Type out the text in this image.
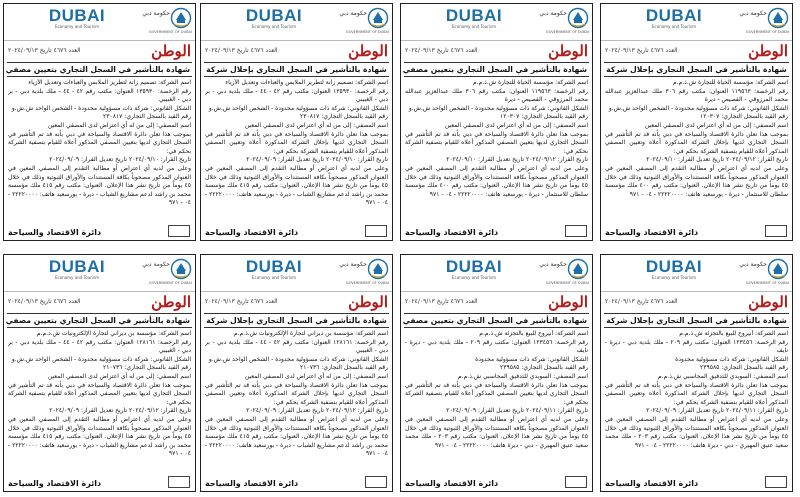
حكومة دبي
GOVERNMENT OF DUBAI
DUBAI
Economy and Tourism
الوطن
العدد ٤٦٧٦ تاريخ ٢٠٢٤/٠٩/١٣
شهادة بالتأشير في السجل التجاري بإحلال شركة

اسم الشركة: مؤسسة الحياة للتجارة ش.ذ.م.م

رقم الرخصة: ١١٩٥٦٣ العنوان: مكتب رقم ٣٠٦ ملك عبدالعزيز عبدالله محمد المرزوقي - القصيص - ديرة

الشكل القانوني: شركة ذات مسؤولية محدودة - الشخص الواحد ش.ش.و

رقم القيد بالسجل التجاري: ١٢٠٣٠٧

اسم المصفي: إلى من له أي اعتراض لدى المصفي المعين

بموجب هذا تعلن دائرة الاقتصاد والسياحة في دبي بأنه قد تم التأشير في السجل التجاري لديها بإحلال الشركة المذكورة أعلاه وتعيين المصفي المذكور أعلاه للقيام بتصفية الشركة بحكم في:

تاريخ القرار: ٢٠٢٤/٠٩/١٢ تاريخ تعديل القرار: ٢٠٢٤/٠٩/١٠

وعلى من لديه أي اعتراض أو مطالبة التقدم إلى المصفي المعين في العنوان المذكور مصحوباً بكافة المستندات والأوراق الثبوتية وذلك في خلال ٤٥ يوماً من تاريخ نشر هذا الإعلان. العنوان: مكتب رقم ٤٠٠ ملك مؤسسة سلطان للاستثمار - ديرة - بورسعيد هاتف: ٢٢٢٢٠٠٠٠ - ٠٤ - ٩٧١

دائرة الاقتصاد والسياحة
حكومة دبي
GOVERNMENT OF DUBAI
DUBAI
Economy and Tourism
الوطن
العدد ٤٦٧٦ تاريخ ٢٠٢٤/٠٩/١٣
شهادة بالتأشير في السجل التجاري بتعيين مصفي

اسم الشركة: مؤسسة الحياة للتجارة ش.ذ.م.م

رقم الرخصة: ١١٩٥٦٣ العنوان: مكتب رقم ٣٠٦ ملك عبدالعزيز عبدالله محمد المرزوقي - القصيص - ديرة

الشكل القانوني: شركة ذات مسؤولية محدودة - الشخص الواحد ش.ش.و

رقم القيد بالسجل التجاري: ١٢٠٣٠٧

اسم المصفي: إلى من له أي اعتراض لدى المصفي المعين

بموجب هذا تعلن دائرة الاقتصاد والسياحة في دبي بأنه قد تم التأشير في السجل التجاري لديها بتعيين المصفي المذكور أعلاه للقيام بتصفية الشركة بحكم في:

تاريخ القرار: ٢٠٢٤/٠٩/١٢ تاريخ تعديل القرار: ٢٠٢٤/٠٩/١٠

وعلى من لديه أي اعتراض أو مطالبة التقدم إلى المصفي المعين في العنوان المذكور مصحوباً بكافة المستندات والأوراق الثبوتية وذلك في خلال ٤٥ يوماً من تاريخ نشر هذا الإعلان. العنوان: مكتب رقم ٤٠٠ ملك مؤسسة سلطان للاستثمار - ديرة - بورسعيد هاتف: ٢٢٢٢٠٠٠٠ - ٠٤ - ٩٧١

دائرة الاقتصاد والسياحة
حكومة دبي
GOVERNMENT OF DUBAI
DUBAI
Economy and Tourism
الوطن
العدد ٤٦٧٦ تاريخ ٢٠٢٤/٠٩/١٣
شهادة بالتأشير في السجل التجاري بإحلال شركة

اسم الشركة: تصميم زانة لتطريز الملابس والعباءات وتعديل الأزياء

رقم الرخصة: ١٣٥٩٣٠ العنوان: مكتب رقم ٤٢ - ٤٤ - ملك بلدية دبي - بر دبي - الغبيبي

الشكل القانوني: شركة ذات مسؤولية محدودة - الشخص الواحد ش.ش.و

رقم القيد بالسجل التجاري: ٢٣٠٨١٧

اسم المصفي: إلى من له أي اعتراض لدى المصفي المعين

بموجب هذا تعلن دائرة الاقتصاد والسياحة في دبي بأنه قد تم التأشير في السجل التجاري لديها بإحلال الشركة المذكورة أعلاه وتعيين المصفي المذكور أعلاه للقيام بتصفية الشركة بحكم في:

تاريخ القرار: ٢٠٢٤/٠٩/١٠ تاريخ تعديل القرار: ٢٠٢٤/٠٩/٠٩

وعلى من لديه أي اعتراض أو مطالبة التقدم إلى المصفي المعين في العنوان المذكور مصحوباً بكافة المستندات والأوراق الثبوتية وذلك في خلال ٤٥ يوماً من تاريخ نشر هذا الإعلان. العنوان: مكتب رقم ٤١٥ ملك مؤسسة محمد بن راشد لدعم مشاريع الشباب - ديرة - بورسعيد هاتف: ٢٢٢٢٠٠٠٠ - ٠٤ - ٩٧١

دائرة الاقتصاد والسياحة
حكومة دبي
GOVERNMENT OF DUBAI
DUBAI
Economy and Tourism
الوطن
العدد ٤٦٧٦ تاريخ ٢٠٢٤/٠٩/١٣
شهادة بالتأشير في السجل التجاري بتعيين مصفي

اسم الشركة: تصميم زانة لتطريز الملابس والعباءات وتعديل الأزياء

رقم الرخصة: ١٣٥٩٣٠ العنوان: مكتب رقم ٤٢ - ٤٤ - ملك بلدية دبي - بر دبي - الغبيبي

الشكل القانوني: شركة ذات مسؤولية محدودة - الشخص الواحد ش.ش.و

رقم القيد بالسجل التجاري: ٢٣٠٨١٧

اسم المصفي: إلى من له أي اعتراض لدى المصفي المعين

بموجب هذا تعلن دائرة الاقتصاد والسياحة في دبي بأنه قد تم التأشير في السجل التجاري لديها بتعيين المصفي المذكور أعلاه للقيام بتصفية الشركة بحكم في:

تاريخ القرار: ٢٠٢٤/٠٩/١٠ تاريخ تعديل القرار: ٢٠٢٤/٠٩/٠٩

وعلى من لديه أي اعتراض أو مطالبة التقدم إلى المصفي المعين في العنوان المذكور مصحوباً بكافة المستندات والأوراق الثبوتية وذلك في خلال ٤٥ يوماً من تاريخ نشر هذا الإعلان. العنوان: مكتب رقم ٤١٥ ملك مؤسسة محمد بن راشد لدعم مشاريع الشباب - ديرة - بورسعيد هاتف: ٢٢٢٢٠٠٠٠ - ٠٤ - ٩٧١

دائرة الاقتصاد والسياحة
حكومة دبي
GOVERNMENT OF DUBAI
DUBAI
Economy and Tourism
الوطن
العدد ٤٦٧٦ تاريخ ٢٠٢٤/٠٩/١٣
شهادة بالتأشير في السجل التجاري بإحلال شركة

اسم الشركة: أبيروح للبيع بالتجزئة ش.ذ.م.م

رقم الرخصة: ١٢٣٤٥٦ العنوان: مكتب رقم ٢٠٩ - ملك بلدية دبي - ديرة - نايف

الشكل القانوني: شركة ذات مسؤولية محدودة

رقم القيد بالسجل التجاري: ٢٣٩٥٨٥

اسم المصفي: السويدي للتدقيق المحاسبي ش.ذ.م.م

بموجب هذا تعلن دائرة الاقتصاد والسياحة في دبي بأنه قد تم التأشير في السجل التجاري لديها بإحلال الشركة المذكورة أعلاه وتعيين المصفي المذكور أعلاه للقيام بتصفية الشركة بحكم في:

تاريخ القرار: ٢٠٢٤/٠٩/١١ تاريخ تعديل القرار: ٢٠٢٤/٠٩/٠٩

وعلى من لديه أي اعتراض أو مطالبة التقدم إلى المصفي المعين في العنوان المذكور مصحوباً بكافة المستندات والأوراق الثبوتية وذلك في خلال ٤٥ يوماً من تاريخ نشر هذا الإعلان. العنوان: مكتب رقم ٢٠٣ - ملك محمد سعيد عتيق المهيري - دبي - ديرة هاتف: ٢٢٢٢٠٠٠٠ - ٠٤ - ٩٧١

دائرة الاقتصاد والسياحة
حكومة دبي
GOVERNMENT OF DUBAI
DUBAI
Economy and Tourism
الوطن
العدد ٤٦٧٦ تاريخ ٢٠٢٤/٠٩/١٣
شهادة بالتأشير في السجل التجاري بتعيين مصفي

اسم الشركة: أبيروح للبيع بالتجزئة ش.ذ.م.م

رقم الرخصة: ١٢٣٤٥٦ العنوان: مكتب رقم ٢٠٩ - ملك بلدية دبي - ديرة - نايف

الشكل القانوني: شركة ذات مسؤولية محدودة

رقم القيد بالسجل التجاري: ٢٣٩٥٨٥

اسم المصفي: السويدي للتدقيق المحاسبي ش.ذ.م.م

بموجب هذا تعلن دائرة الاقتصاد والسياحة في دبي بأنه قد تم التأشير في السجل التجاري لديها بتعيين المصفي المذكور أعلاه للقيام بتصفية الشركة بحكم في:

تاريخ القرار: ٢٠٢٤/٠٩/١١ تاريخ تعديل القرار: ٢٠٢٤/٠٩/٠٩

وعلى من لديه أي اعتراض أو مطالبة التقدم إلى المصفي المعين في العنوان المذكور مصحوباً بكافة المستندات والأوراق الثبوتية وذلك في خلال ٤٥ يوماً من تاريخ نشر هذا الإعلان. العنوان: مكتب رقم ٢٠٣ - ملك محمد سعيد عتيق المهيري - دبي - ديرة هاتف: ٢٢٢٢٠٠٠٠ - ٠٤ - ٩٧١

دائرة الاقتصاد والسياحة
حكومة دبي
GOVERNMENT OF DUBAI
DUBAI
Economy and Tourism
الوطن
العدد ٤٦٧٦ تاريخ ٢٠٢٤/٠٩/١٣
شهادة بالتأشير في السجل التجاري بإحلال شركة

اسم الشركة: مؤسسة بن ديراني لتجارة الإلكترونيات ش.ذ.م.م

رقم الرخصة: ١٢٨١٦١ العنوان: مكتب رقم ٤٢ - ٤٤ - ملك بلدية دبي - بر دبي - الغبيبي

الشكل القانوني: شركة ذات مسؤولية محدودة - الشخص الواحد ش.ش.و

رقم القيد بالسجل التجاري: ٢١٠٧٣٦

اسم المصفي: إلى من له أي اعتراض لدى المصفي المعين

بموجب هذا تعلن دائرة الاقتصاد والسياحة في دبي بأنه قد تم التأشير في السجل التجاري لديها بإحلال الشركة المذكورة أعلاه وتعيين المصفي المذكور أعلاه للقيام بتصفية الشركة بحكم في:

تاريخ القرار: ٢٠٢٤/٠٩/١٢ تاريخ تعديل القرار: ٢٠٢٤/٠٩/٠٩

وعلى من لديه أي اعتراض أو مطالبة التقدم إلى المصفي المعين في العنوان المذكور مصحوباً بكافة المستندات والأوراق الثبوتية وذلك في خلال ٤٥ يوماً من تاريخ نشر هذا الإعلان. العنوان: مكتب رقم ٤١٥ ملك مؤسسة محمد بن راشد لدعم مشاريع الشباب - ديرة - بورسعيد هاتف: ٢٢٢٢٠٠٠٠ - ٠٤ - ٩٧١

دائرة الاقتصاد والسياحة
حكومة دبي
GOVERNMENT OF DUBAI
DUBAI
Economy and Tourism
الوطن
العدد ٤٦٧٦ تاريخ ٢٠٢٤/٠٩/١٣
شهادة بالتأشير في السجل التجاري بتعيين مصفي

اسم الشركة: مؤسسة بن ديراني لتجارة الإلكترونيات ش.ذ.م.م

رقم الرخصة: ١٢٨١٦١ العنوان: مكتب رقم ٤٢ - ٤٤ - ملك بلدية دبي - بر دبي - الغبيبي

الشكل القانوني: شركة ذات مسؤولية محدودة - الشخص الواحد ش.ش.و

رقم القيد بالسجل التجاري: ٢١٠٧٣٦

اسم المصفي: إلى من له أي اعتراض لدى المصفي المعين

بموجب هذا تعلن دائرة الاقتصاد والسياحة في دبي بأنه قد تم التأشير في السجل التجاري لديها بتعيين المصفي المذكور أعلاه للقيام بتصفية الشركة بحكم في:

تاريخ القرار: ٢٠٢٤/٠٩/١٢ تاريخ تعديل القرار: ٢٠٢٤/٠٩/٠٩

وعلى من لديه أي اعتراض أو مطالبة التقدم إلى المصفي المعين في العنوان المذكور مصحوباً بكافة المستندات والأوراق الثبوتية وذلك في خلال ٤٥ يوماً من تاريخ نشر هذا الإعلان. العنوان: مكتب رقم ٤١٥ ملك مؤسسة محمد بن راشد لدعم مشاريع الشباب - ديرة - بورسعيد هاتف: ٢٢٢٢٠٠٠٠ - ٠٤ - ٩٧١

دائرة الاقتصاد والسياحة
